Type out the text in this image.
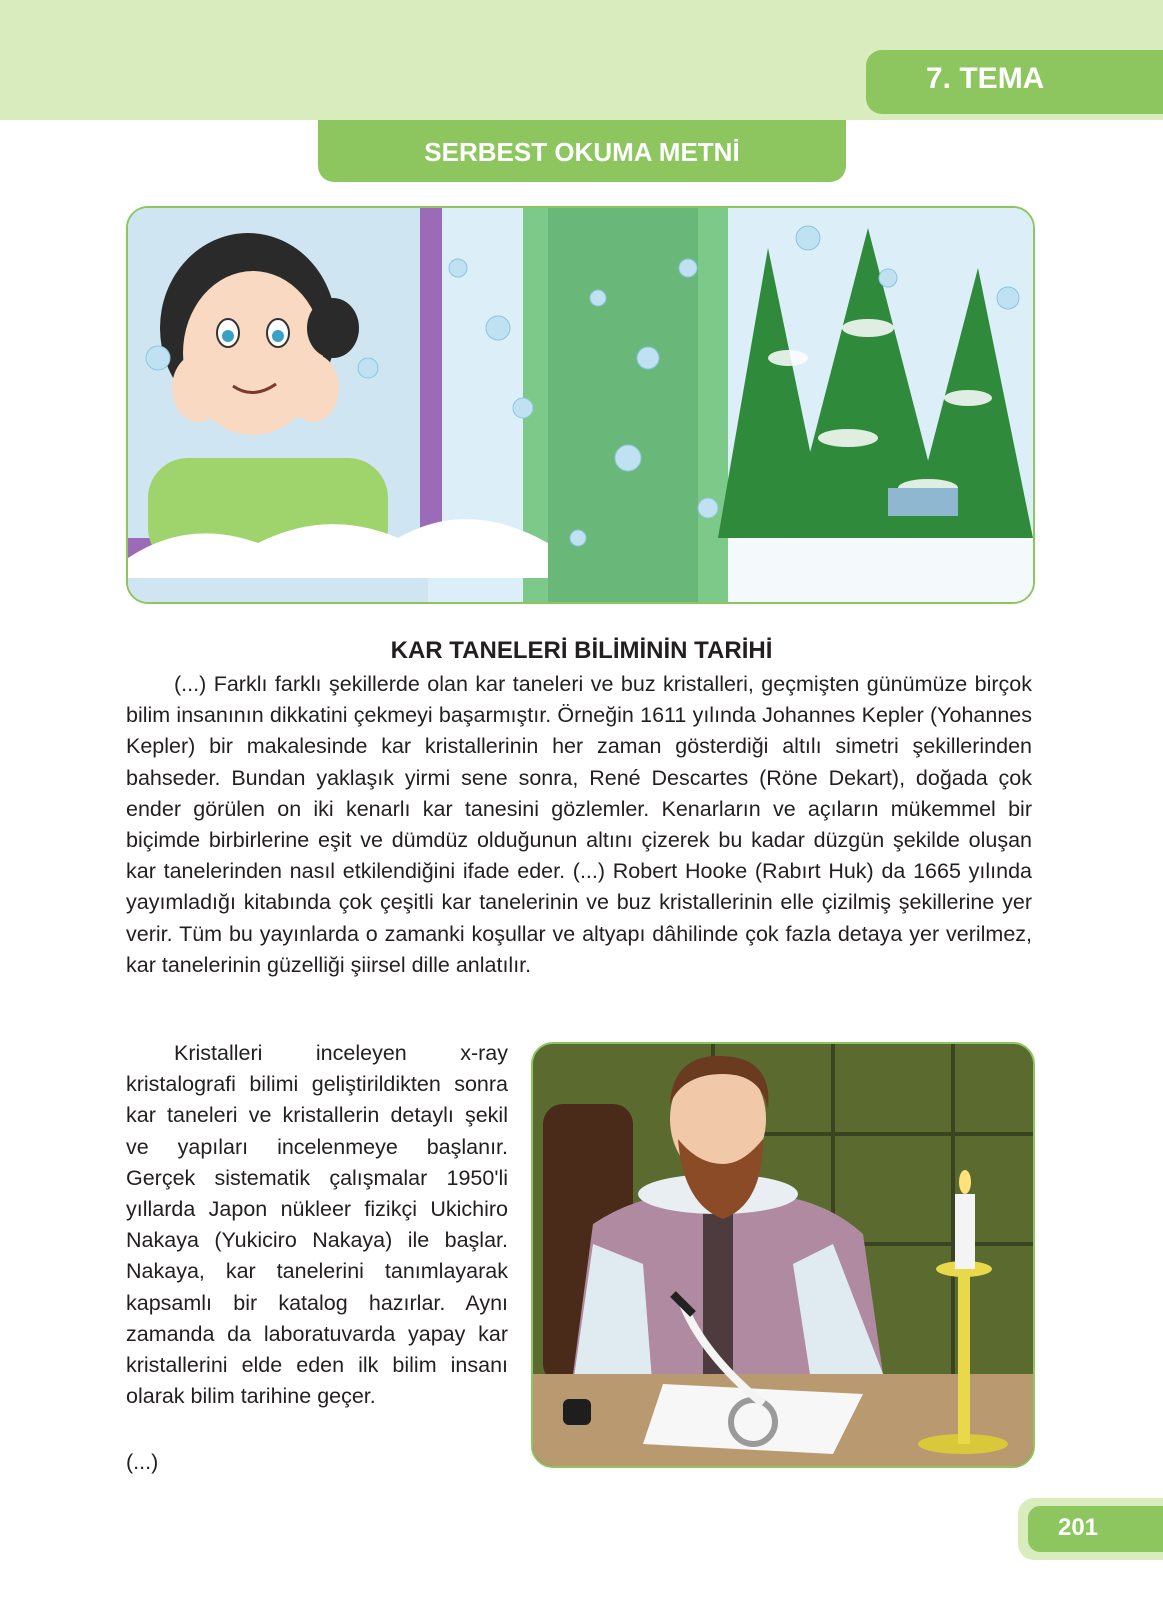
7. TEMA
SERBEST OKUMA METNİ
KAR TANELERİ BİLİMİNİN TARİHİ
(...) Farklı farklı şekillerde olan kar taneleri ve buz kristalleri, geçmişten günümüze birçok bilim insanının dikkatini çekmeyi başarmıştır. Örneğin 1611 yılında Johannes Kepler (Yohannes Kepler) bir makalesinde kar kristallerinin her zaman gösterdiği altılı simetri şekillerinden bahseder. Bundan yaklaşık yirmi sene sonra, René Descartes (Röne Dekart), doğada çok ender görülen on iki kenarlı kar tanesini gözlemler. Kenarların ve açıların mükemmel bir biçimde birbirlerine eşit ve dümdüz olduğunun altını çizerek bu kadar düzgün şekilde oluşan kar tanelerinden nasıl etkilendiğini ifade eder. (...) Robert Hooke (Rabırt Huk) da 1665 yılında yayımladığı kitabında çok çeşitli kar tanelerinin ve buz kristallerinin elle çizilmiş şekillerine yer verir. Tüm bu yayınlarda o zamanki koşullar ve altyapı dâhilinde çok fazla detaya yer verilmez, kar tanelerinin güzelliği şiirsel dille anlatılır.
Kristalleri inceleyen x-ray kristalografi bilimi geliştirildikten sonra kar taneleri ve kristallerin detaylı şekil ve yapıları incelenmeye başlanır. Gerçek sistematik çalışmalar 1950'li yıllarda Japon nükleer fizikçi Ukichiro Nakaya (Yukiciro Nakaya) ile başlar. Nakaya, kar tanelerini tanımlayarak kapsamlı bir katalog hazırlar. Aynı zamanda da laboratuvarda yapay kar kristallerini elde eden ilk bilim insanı olarak bilim tarihine geçer.
(...)
201
